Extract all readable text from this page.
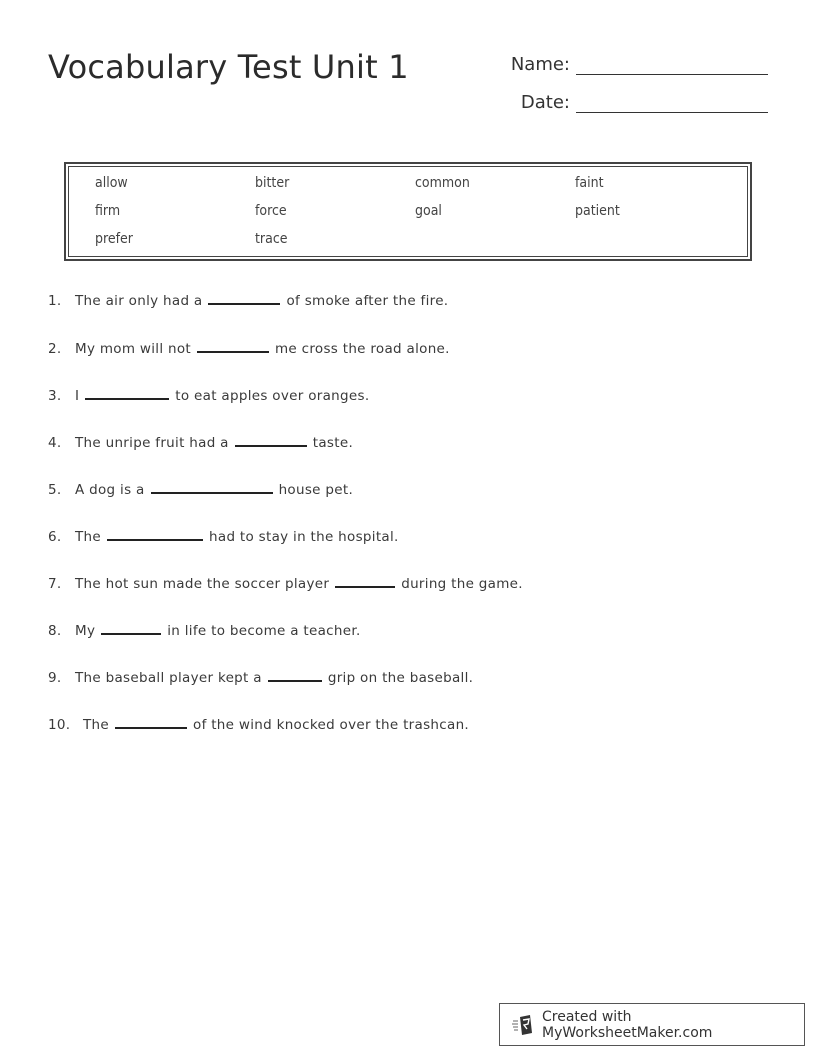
Vocabulary Test Unit 1	Name:
Date:
allow	bitter	common	faint
firm	force	goal	patient
prefer	trace
1.	The air only had a	of smoke after the fire.
2.	My mom will not	me cross the road alone.
3.	I	to eat apples over oranges.
4.	The unripe fruit had a	taste.
5.	A dog is a	house pet.
6.	The	had to stay in the hospital.
7.	The hot sun made the soccer player	during the game.
8.	My	in life to become a teacher.
9.	The baseball player kept a	grip on the baseball.
10. The	of the wind knocked over the trashcan.
Created with MyWorksheetMaker.com
